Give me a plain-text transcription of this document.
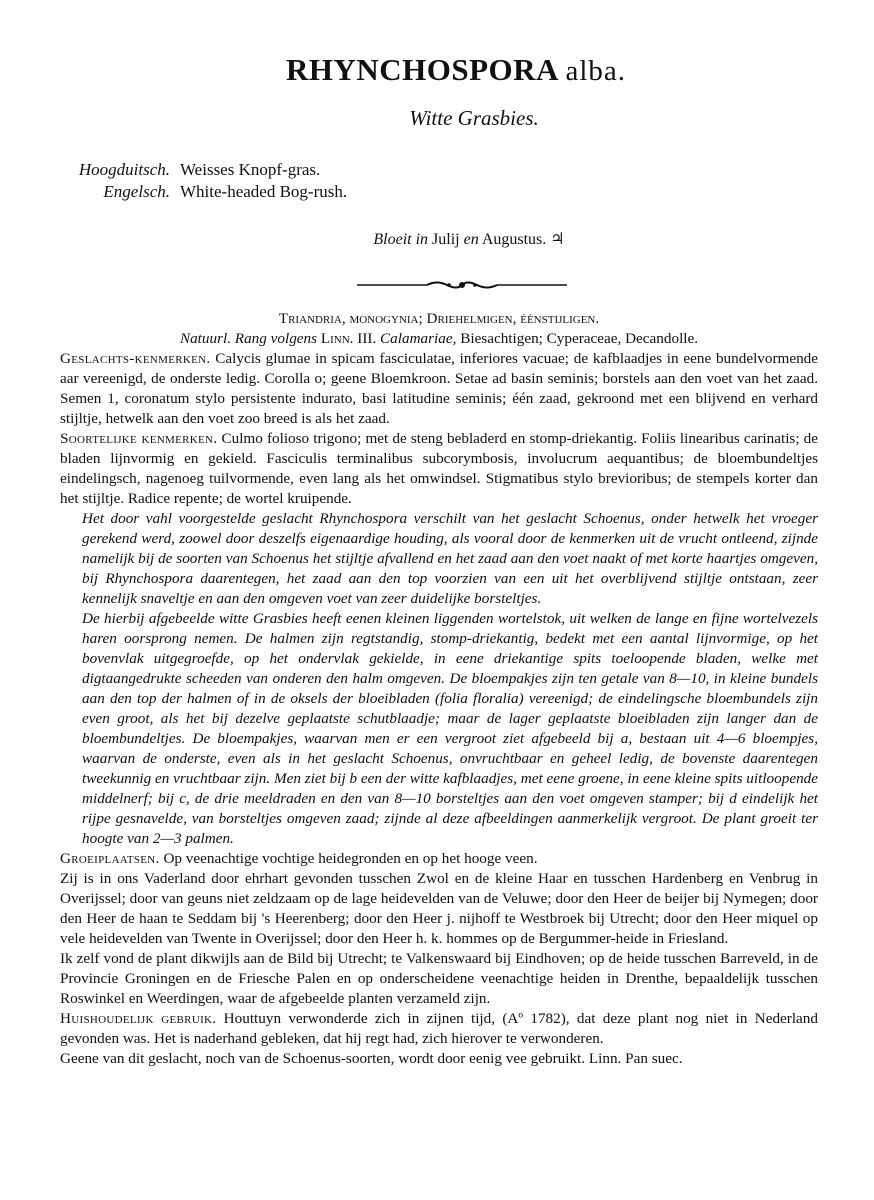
RHYNCHOSPORA alba.
Witte Grasbies.
Hoogduitsch. Weisses Knopf-gras.
Engelsch. White-headed Bog-rush.
Bloeit in Julij en Augustus. ♃

Triandria, monogynia; Driehelmigen, éénstijligen.

Natuurl. Rang volgens Linn. III. Calamariae, Biesachtigen; Cyperaceae, Decandolle.

Geslachts-kenmerken. Calycis glumae in spicam fasciculatae, inferiores vacuae; de kafblaadjes in eene bundelvormende aar vereenigd, de onderste ledig. Corolla o; geene Bloemkroon. Setae ad basin seminis; borstels aan den voet van het zaad. Semen 1, coronatum stylo persistente indurato, basi latitudine seminis; één zaad, gekroond met een blijvend en verhard stijltje, hetwelk aan den voet zoo breed is als het zaad.

Soortelijke kenmerken. Culmo folioso trigono; met de steng bebladerd en stomp-driekantig. Foliis linearibus carinatis; de bladen lijnvormig en gekield. Fasciculis terminalibus subcorymbosis, involucrum aequantibus; de bloembundeltjes eindelingsch, nagenoeg tuilvormende, even lang als het omwindsel. Stigmatibus stylo brevioribus; de stempels korter dan het stijltje. Radice repente; de wortel kruipende.

Het door vahl voorgestelde geslacht Rhynchospora verschilt van het geslacht Schoenus, onder hetwelk het vroeger gerekend werd, zoowel door deszelfs eigenaardige houding, als vooral door de kenmerken uit de vrucht ontleend, zijnde namelijk bij de soorten van Schoenus het stijltje afvallend en het zaad aan den voet naakt of met korte haartjes omgeven, bij Rhynchospora daarentegen, het zaad aan den top voorzien van een uit het overblijvend stijltje ontstaan, zeer kennelijk snaveltje en aan den omgeven voet van zeer duidelijke borsteltjes.

De hierbij afgebeelde witte Grasbies heeft eenen kleinen liggenden wortelstok, uit welken de lange en fijne wortelvezels haren oorsprong nemen. De halmen zijn regtstandig, stomp-driekantig, bedekt met een aantal lijnvormige, op het bovenvlak uitgegroefde, op het ondervlak gekielde, in eene driekantige spits toeloopende bladen, welke met digtaangedrukte scheeden van onderen den halm omgeven. De bloempakjes zijn ten getale van 8—10, in kleine bundels aan den top der halmen of in de oksels der bloeibladen (folia floralia) vereenigd; de eindelingsche bloembundels zijn even groot, als het bij dezelve geplaatste schutblaadje; maar de lager geplaatste bloeibladen zijn langer dan de bloembundeltjes. De bloempakjes, waarvan men er een vergroot ziet afgebeeld bij a, bestaan uit 4—6 bloempjes, waarvan de onderste, even als in het geslacht Schoenus, onvruchtbaar en geheel ledig, de bovenste daarentegen tweekunnig en vruchtbaar zijn. Men ziet bij b een der witte kafblaadjes, met eene groene, in eene kleine spits uitloopende middelnerf; bij c, de drie meeldraden en den van 8—10 borsteltjes aan den voet omgeven stamper; bij d eindelijk het rijpe gesnavelde, van borsteltjes omgeven zaad; zijnde al deze afbeeldingen aanmerkelijk vergroot. De plant groeit ter hoogte van 2—3 palmen.

Groeiplaatsen. Op veenachtige vochtige heidegronden en op het hooge veen.

Zij is in ons Vaderland door ehrhart gevonden tusschen Zwol en de kleine Haar en tusschen Hardenberg en Venbrug in Overijssel; door van geuns niet zeldzaam op de lage heidevelden van de Veluwe; door den Heer de beijer bij Nymegen; door den Heer de haan te Seddam bij 's Heerenberg; door den Heer j. nijhoff te Westbroek bij Utrecht; door den Heer miquel op vele heidevelden van Twente in Overijssel; door den Heer h. k. hommes op de Bergummer-heide in Friesland.

Ik zelf vond de plant dikwijls aan de Bild bij Utrecht; te Valkenswaard bij Eindhoven; op de heide tusschen Barreveld, in de Provincie Groningen en de Friesche Palen en op onderscheidene veenachtige heiden in Drenthe, bepaaldelijk tusschen Roswinkel en Weerdingen, waar de afgebeelde planten verzameld zijn.

Huishoudelijk gebruik. Houttuyn verwonderde zich in zijnen tijd, (Aº 1782), dat deze plant nog niet in Nederland gevonden was. Het is naderhand gebleken, dat hij regt had, zich hierover te verwonderen.

Geene van dit geslacht, noch van de Schoenus-soorten, wordt door eenig vee gebruikt. Linn. Pan suec.
